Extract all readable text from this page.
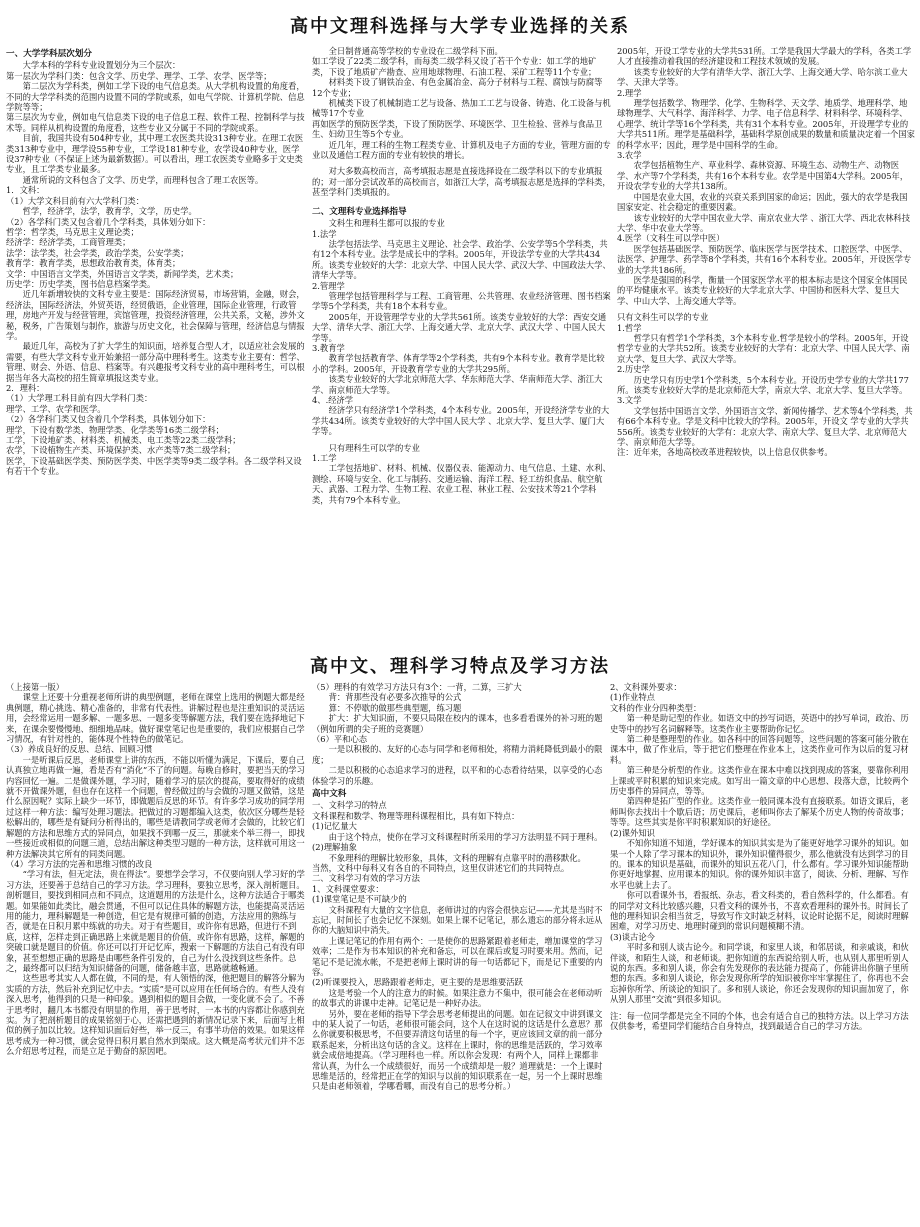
高中文理科选择与大学专业选择的关系
一、大学学科层次划分

大学本科的学科专业设置划分为三个层次：

第一层次为学科门类：包含文学、历史学、理学、工学、农学、医学等；

第二层次为学科类，例如工学下设的电气信息类。从大学机构设置的角度看，不同的大学学科类的范围内设置不同的学院或系，如电气学院、计算机学院、信息学院等等；

第三层次为专业，例如电气信息类下设的电子信息工程、软件工程、控制科学与技术等。同样从机构设置的角度看，这些专业又分属于不同的学院或系。

目前，我国共设有504种专业，其中理工农医类共设313种专业。在理工农医类313种专业中，理学设55种专业，工学设181种专业，农学设40种专业，医学设37种专业（不保证上述为最新数据）。可以看出，理工农医类专业略多于文史类专业，且工学类专业最多。

通常所说的文科包含了文学、历史学，而理科包含了理工农医等。

1．文科：

（1）大学文科目前有六大学科门类：

哲学，经济学，法学，教育学，文学，历史学。

（2）各学科门类又包含着几个学科类，具体划分如下：

哲学：哲学类，马克思主义理论类；

经济学：经济学类，工商管理类；

法学：法学类，社会学类，政治学类，公安学类；

教育学：教育学类，思想政治教育类，体育类；

文学：中国语言文学类，外国语言文学类，新闻学类，艺术类；

历史学：历史学类，图书信息档案学类。

近几年新增较快的文科专业主要是：国际经济贸易，市场营销，金融，财会，经济法，国际经济法，外贸英语，经贸俄语，企业管理，国际企业管理，行政管理，房地产开发与经营管理，宾馆管理，投资经济管理，公共关系，文秘，涉外文秘，税务，广告策划与制作，旅游与历史文化，社会保障与管理，经济信息与情报学。

最近几年，高校为了扩大学生的知识面，培养复合型人才，以适应社会发展的需要，有些大学文科专业开始兼招一部分高中理科考生。这类专业主要有：哲学、管理、财会、外语、信息、档案等。有兴趣报考文科专业的高中理科考生，可以根据当年各大高校的招生简章填报这类专业。

2．理科：

（1）大学理工科目前有四大学科门类：

理学、工学、农学和医学。

（2）各学科门类又包含着几个学科类，具体划分如下：

理学，下设有数学类、物理学类、化学类等16类二级学科；

工学，下设地矿类、材料类、机械类、电工类等22类二级学科；

农学，下设植物生产类、环境保护类、水产类等7类二级学科；

医学，下设基础医学类、预防医学类、中医学类等9类二级学科。各二级学科又设有若干个专业。

全日制普通高等学校的专业设在二级学科下面。

如工学设了22类二级学科，而每类二级学科又设了若干个专业：如工学的地矿类，下设了地质矿产勘查、应用地球物理、石油工程、采矿工程等11个专业；

材料类下设了钢铁冶金、有色金属冶金、高分子材料与工程、腐蚀与防腐等12个专业；

机械类下设了机械制造工艺与设备、热加工工艺与设备、铸造、化工设备与机械等17个专业

再如医学的预防医学类，下设了预防医学、环境医学、卫生检验、营养与食品卫生、妇幼卫生等5个专业。

近几年，理工科的生物工程类专业、计算机及电子方面的专业，管理方面的专业以及通信工程方面的专业有较快的增长。

对大多数高校而言，高考填报志愿是直接选择设在二级学科以下的专业填报的；对一部分尝试改革的高校而言，如浙江大学，高考填报志愿是选择的学科类，甚至学科门类填报的。

二、文理科专业选择指导

文科生和理科生都可以报的专业

1.法学

法学包括法学、马克思主义理论、社会学、政治学、公安学等5个学科类，共有12个本科专业。法学是成长中的学科。2005年，开设法学专业的大学共434所。该类专业较好的大学：北京大学、中国人民大学、武汉大学、中国政法大学、清华大学等。

2.管理学

管理学包括管理科学与工程、工商管理、公共管理、农业经济管理、图书档案学等5个学科类，共有18个本科专业。

2005年，开设管理学专业的大学共561所。该类专业较好的大学：西安交通大学、清华大学、浙江大学、上海交通大学、北京大学、武汉大学 、中国人民大学等。

3.教育学

教育学包括教育学、体育学等2个学科类，共有9个本科专业。教育学是比较小的学科。2005年，开设教育学专业的大学共295所。

该类专业较好的大学北京师范大学、华东师范大学、华南师范大学、浙江大学、南京师范大学等。

4、.经济学

经济学只有经济学1个学科类，4个本科专业。2005年，开设经济学专业的大学共434所。该类专业较好的大学中国人民大学 、北京大学、复旦大学、厦门大学等。

只有理科生可以学的专业

1.工学

工学包括地矿、材料、机械、仪器仪表、能源动力、电气信息、土建、水利、测绘、环境与安全、化工与制药、交通运输、海洋工程、轻工纺织食品、航空航天、武器、工程力学、生物工程、农业工程、林业工程、公安技术等21个学科类，共有79个本科专业。

2005年，开设工学专业的大学共531所。工学是我国大学最大的学科，各类工学人才直接推动着我国的经济建设和工程技术领域的发展。

该类专业较好的大学有清华大学、浙江大学、上海交通大学、哈尔滨工业大学、天津大学等。

2.理学

理学包括数学、物理学、化学、生物科学、天文学、地质学、地理科学、地球物理学、大气科学、海洋科学、力学、电子信息科学、材料科学、环境科学、心理学、统计学等16个学科类，共有31个本科专业。2005年，开设理学专业的大学共511所。理学是基础科学，基础科学原创成果的数量和质量决定着一个国家的科学水平；因此，理学是中国科学的生命。

3.农学

农学包括植物生产、草业科学、森林资源、环境生态、动物生产、动物医学、水产等7个学科类，共有16个本科专业。农学是中国第4大学科。2005年，开设农学专业的大学共138所。

中国是农业大国，农业的兴衰关系到国家的命运；因此，强大的农学是我国国家安定、社会稳定的重要因素。

该专业较好的大学中国农业大学、南京农业大学 、浙江大学、西北农林科技大学、华中农业大学等。

4.医学（文科生可以学中医）

医学包括基础医学、预防医学、临床医学与医学技术、口腔医学、中医学、法医学、护理学、药学等8个学科类，共有16个本科专业。2005年，开设医学专业的大学共186所。

医学是强国的科学，衡量一个国家医学水平的根本标志是这个国家全体国民的平均健康水平。该类专业较好的大学北京大学、中国协和医科大学、复旦大学、中山大学、上海交通大学等。

只有文科生可以学的专业

1.哲学

哲学只有哲学1个学科类，3个本科专业.哲学是较小的学科。2005年，开设哲学专业的大学共52所。该类专业较好的大学有：北京大学、中国人民大学、南京大学、复旦大学、武汉大学等。

2.历史学

历史学只有历史学1个学科类，5个本科专业。开设历史学专业的大学共177所。该类专业较好大学的是北京师范大学，南京大学、北京大学、复旦大学等。

3.文学

文学包括中国语言文学、外国语言文学、新闻传播学、艺术等4个学科类，共有66个本科专业。学是文科中比较大的学科。2005年，开设文 学专业的大学共556所。该类专业较好的大学有：北京大学、南京大学、复旦大学、北京师范大学、南京师范大学等。

注：近年来，各地高校改革进程较快，以上信息仅供参考。

高中文、理科学习特点及学习方法

（上接第一版）

课堂上还要十分重视老师所讲的典型例题，老师在课堂上选用的例题大都是经典例题，精心挑选、精心准备的，非常有代表性。讲解过程也是注重知识的灵活运用，会经常运用一题多解、一题多思、一题多变等解题方法，我们要在选择地记下来，在课余要慢慢地、细细地品味。做好课堂笔记也是重要的，我们应根据自己学习情况，有针对性的，能体现个性特色的做笔记。

（3）养成良好的反思、总结、回顾习惯

一是听课后反思，老师课堂上讲的东西，不能以听懂为满足，下课后，要自己认真独立地再做一遍，看是否有“消化”不了的问题。每晚自修时，要把当天的学习内容回忆一遍。二是做课外题，学习时，随着学习的层次的提高，要取得好的成绩就不开做课外题，但也存在这样一个问题，曾经做过的与会做的习题又做错，这是什么原因呢？实际上缺少一环节，即做题后反思的环节。有许多学习成功的同学用过这样一种方法：编写处理习题法。把做过的习题都编入这类，依次区分哪些是轻松解出的，哪些是有疑问分析得出的，哪些是请教同学或老师才会做的，比较它们解题的方法和思维方式的异同点，如果找不到哪一反三，那就来个举三得一，即找一些接近或相似的问题三道，总结出解这种类型习题的一种方法，这样就可用这一种方法解决其它所有的同类问题。

（4）学习方法的完善和思维习惯的改良

“学习有法，但无定法，贵在得法”。要想学会学习，不仅要向别人学习好的学习方法，还要善于总结自己的学习方法。学习理科，要独立思考，深入剖析题目。剖析题目，要找到相同点和不同点，这道题用的方法是什么，这种方法适合于哪类题。如果能如此类比，融会贯通，不但可以记住具体的解题方法，也能提高灵活运用的能力，理科解题是一种创造，但它是有规律可循的创造，方法应用的熟练与否，就是在日积月累中练就的功夫。对于有些题目，或许你有思路，但进行不到底，这样，怎样走到正确思路上来就是题目的价值，或许你有思路，这样，解题的突破口就是题目的价值。你还可以打开记忆库，搜索一下解题的方法自己有没有印象，甚至想想正确的思路是由哪些条件引发的，自己为什么没找到这些条件。总之，最终都可以归结为知识储备的问题，储备越丰富，思路就越畅通。

这些思考其实人人都在做，不同的是，有人领悟的深，他把题目的解答分解为实质的方法，然后补充到记忆中去。“实质”是可以应用在任何场合的。有些人没有深入思考，他得到的只是一种印象。遇到相似的题目会做，一变化就不会了。不善于思考时，翻几本书都没有明显的作用，善于思考时，一本书的内容都让你感到充实。为了把剖析题目的成果铭刻于心，还需把遇到的新情况记录下来，后面写上相似的例子加以比较。这样知识面后好些，举一反三，有事半功倍的效果。如果这样思考成为一种习惯，就会觉得日积月累自然水到渠成。这大概是高考状元们并不怎么介绍思考过程，而是立足于勤奋的原因吧。

（5）理科的有效学习方法只有3个：一背，二算，三扩大

背：背那些没有必要多次推导的公式

算：不停歇的做那些典型题，练习题

扩大：扩大知识面，不要只局限在校内的课本，也多看看课外的补习班的题（例如所谓的尖子班的竞赛题）

（6）平和心态

一是以积极的、友好的心态与同学和老师相处，将精力消耗降低到最小的限度；

二是以积极的心态追求学习的进程，以平和的心态看待结果，以享受的心态体验学习的乐趣。

高中文科

一、文科学习的特点

文科课程和数学、物理等理科课程相比，具有如下特点：

(1)记忆量大

由于这个特点，使你在学习文科课程时所采用的学习方法明显不同于理科。

(2)理解抽象

不象理科的理解比较形象，具体，文科的理解有点靠平时的潜移默化。

当然，文科中每科又有各自的不同特点，这里仅讲述它们的共同特点。

二、文科学习有效的学习方法

1、文科课堂要求：

(1)课堂笔记是不可缺少的

文科课程有大量的文字信息，老师讲过的内容会很快忘记——尤其是当时不忘记，时间长了也会记忆不深刻。如果上课不记笔记，那么遗忘的部分将永远从你的大脑知识中消失。

上课记笔记的作用有两个：一是使你的思路紧跟着老师走，增加课堂的学习效率；二是作为书本知识的补充和备忘，可以在课后或复习时要来用。然而，记笔记不是记流水帐，不是把老师上课时讲的每一句话都记下，而是记下重要的内容。

(2)听课要投入，思路跟着老师走，更主要的是思维要活跃

这是考验一个人的注意力的时候。如果注意力不集中，很可能会在老师动听的故事式的讲课中走神。记笔记是一种好办法。

另外，要在老师的指导下学会思考老师提出的问题。如在记叙文中讲到课文中的某人说了一句话，老师很可能会问，这个人在这时说的这话是什么意思？那么你就要积极思考，不但要弄清这句话里的每一个字，更应该回文章的前一部分联系起来，分析出这句话的含义。这样在上课时，你的思维是活跃的，学习效率就会成倍地提高。（学习理科也一样。所以你会发现：有两个人，同样上课都非常认真，为什么一个成绩很好，而另一个成绩却是一般？道理就是：一个上课时思维是活的，经常把正在学的知识与以前的知识联系在一起，另一个上课时思维只是由老师领着，学哪看哪，而没有自己的思考分析。）

2、文科课外要求：

(1)作业特点

文科的作业分四种类型：

第一种是助记型的作业。如语文中的抄写词语，英语中的抄写单词，政治、历史等中的抄写名词解释等。这类作业主要帮助你记忆。

第二种是整理型的作业。如各科中的回答问题等，这些问题的答案可能分散在课本中，做了作业后，等于把它们整理在作业本上，这类作业可作为以后的复习材料。

第三种是分析型的作业。这类作业在课本中难以找到现成的答案，要靠你利用上课或平时积累的知识来完成。如写出一篇文章的中心思想、段落大意，比较两个历史事件的异同点，等等。

第四种是拓广型的作业。这类作业一般同课本没有直接联系。如语文课后，老师叫你去找出十个歇后语；历史课后，老师叫你去了解某个历史人物的传奇故事；等等。这些其实是你平时积累知识的好途径。

(2)课外知识

不知你知道不知道，学好课本的知识其实是为了能更好地学习课外的知识。如果一个人除了学习课本的知识外，课外知识懂得很少，那么他就没有达到学习的目的。课本的知识是基础，而课外的知识五花八门，什么都有。学习课外知识能帮助你更好地掌握、应用课本的知识。你的课外知识丰富了，阅读、分析、理解、写作水平也就上去了。

你可以看课外书，看报纸、杂志，看文科类的，看自然科学的，什么都看。有的同学对文科比较感兴趣，只看文科的课外书，不喜欢看理科的课外书。时间长了他的理科知识会相当贫乏，导致写作文时缺乏材料，议论时论据不足，阅读时理解困难，对学习历史、地理时碰到的常识问题模糊不清。

(3)谈古论今

平时多和别人谈古论今。和同学谈，和家里人谈，和邻居谈，和亲戚谈，和伙伴谈，和陌生人谈，和老师谈。把你知道的东西说给别人听，也从别人那里听别人说的东西。多和别人谈，你会有先发现你的表达能力提高了，你能讲出你脑子里所想的东西。多和别人谈论，你会发现你所学的知识被你牢牢掌握住了，你再也不会忘掉你所学、所谈论的知识了。多和别人谈论，你还会发现你的知识面加宽了，你从别人那里“交流”到很多知识。

注：每一位同学都是完全不同的个体，也会有适合自己的独特方法。以上学习方法仅供参考，希望同学们能结合自身特点，找到最适合自己的学习方法。
